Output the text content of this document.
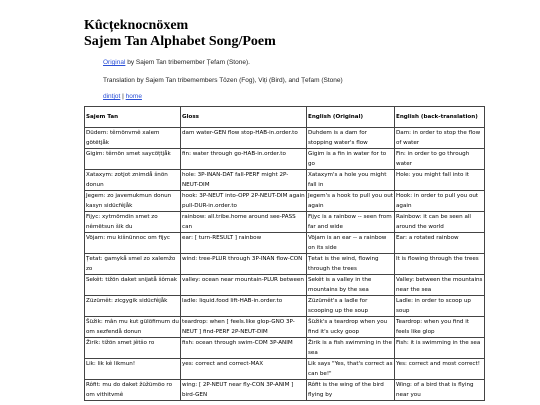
Kûcțeknocnöxem
Sajem Tan Alphabet Song/Poem
Original by Sajem Tan tribemember Țefam (Stone).
Translation by Sajem Tan tribemembers Tözen (Fog), Viți (Bird), and Țefam (Stone)
dintjot | home
Sajem Tan	Gloss	English (Original)	English (back-translation)
Düdem: têrnönvmê xalem götëtjåk	dam water-GEN flow stop-HAB-in.order.to	Duhdem is a dam for stopping water's flow	Dam: in order to stop the flow of water
Gigim: têrnön smet saycöțtjåk	fin: water through go-HAB-in.order.to	Gigim is a fin in water for to go	Fin: in order to go through water
Xataxym: zotjot znimdå šnön donun	hole: 3P-INAN-DAT fall-PERF might 2P-NEUT-DIM	Xataxym's a hole you might fall in	Hole: you might fall into it
Jegem: zo javemukmun donun kasyn sidücfêjåk	hook: 3P-NEUT into-OPP 2P-NEUT-DIM again pull-DUR-in.order.to	Jegem's a hook to pull you out again	Hook: in order to pull you out again
Fijyc: xytmömdin smet zo nêmëtsun šik du	rainbow: all.tribe.home around see-PASS can	Fijyc is a rainbow -- seen from far and wide	Rainbow: it can be seen all around the world
Vöjam: mu kišnünnoc om fijyc	ear: [ turn-RESULT ] rainbow	Vöjam is an ear -- a rainbow on its side	Ear: a rotated rainbow
Țetat: gamykå smel zo xalemžo zo	wind: tree-PLUR through 3P-INAN flow-CON	Țetat is the wind, flowing through the trees	It is flowing through the trees
Sekêt: tižön daket snijatå šômak	valley: ocean near mountain-PLUR between	Sekêt is a valley in the mountains by the sea	Valley: between the mountains near the sea
Züzümêt: zicgygik sidücfêjåk	ladle: liquid.food lift-HAB-in.order.to	Züzümêt's a ladle for scooping up the soup	Ladle: in order to scoop up soup
Šüžik: mân mu kut gülöfimum du om sezfendå donun	teardrop: when [ feels.like glop-GNO 3P-NEUT ] find-PERF 2P-NEUT-DIM	Šüžik's a teardrop when you find it's ucky goop	Teardrop: when you find it feels like glop
Žirik: tižön smet jêtšo ro	fish: ocean through swim-COM 3P-ANIM	Žirik is a fish swimming in the sea	Fish: it is swimming in the sea
Lik: lik kê likmun!	yes: correct and correct-MAX	Lik says "Yes, that's correct as can be!"	Yes: correct and most correct!
Rôfit: mu do daket žüžümöo ro om vithitvmê	wing: [ 2P-NEUT near fly-CON 3P-ANIM ] bird-GEN	Rôfit is the wing of the bird flying by	Wing: of a bird that is flying near you
